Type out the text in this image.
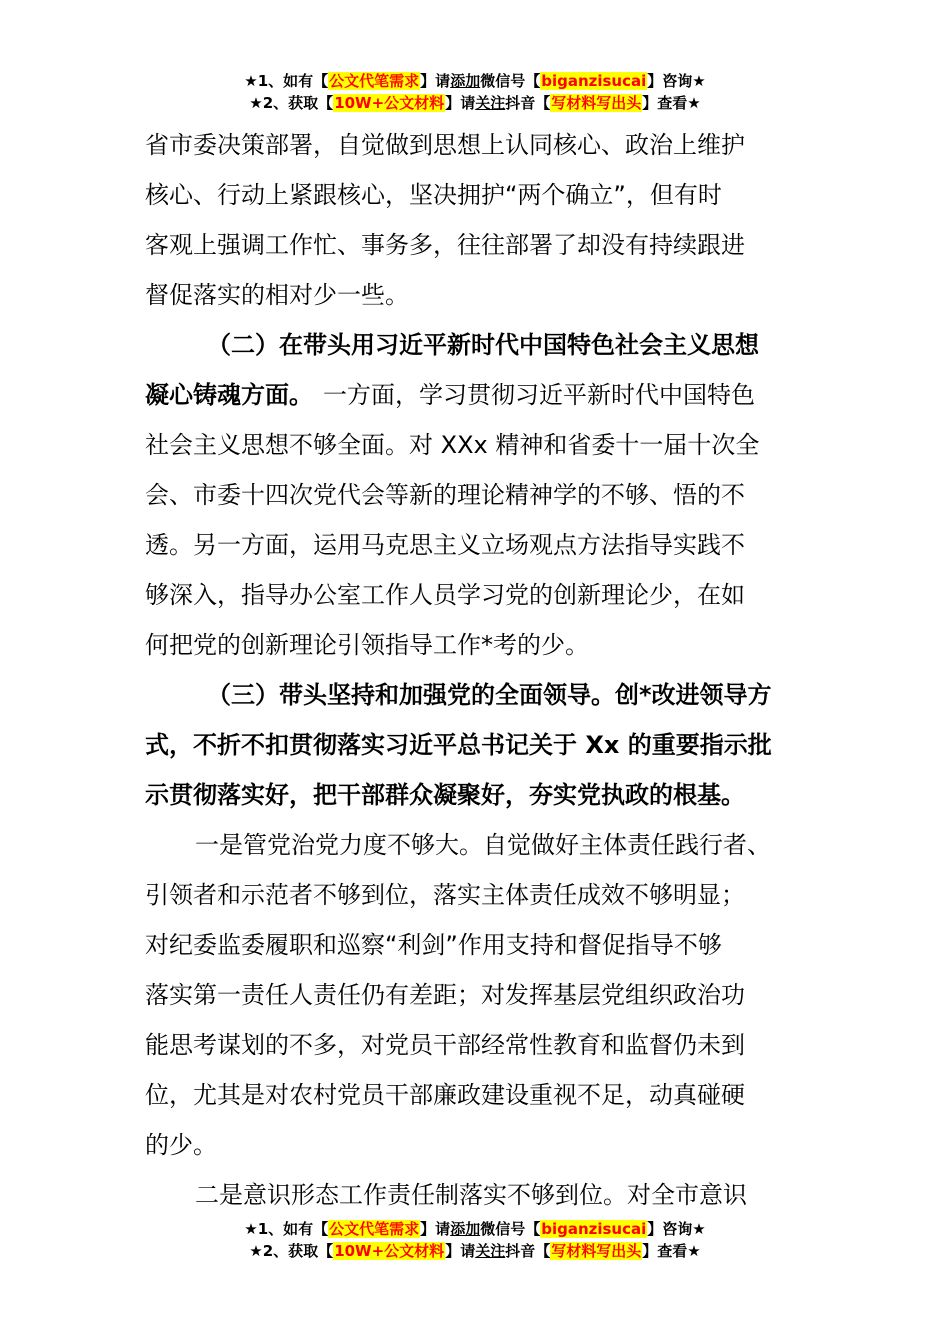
★1、如有【公文代笔需求】请添加微信号【biganzisucai】咨询★
★2、获取【10W+公文材料】请关注抖音【写材料写出头】查看★
省市委决策部署，自觉做到思想上认同核心、政治上维护
核心、行动上紧跟核心，坚决拥护“两个确立”，但有时
客观上强调工作忙、事务多，往往部署了却没有持续跟进
督促落实的相对少一些。
（二）在带头用习近平新时代中国特色社会主义思想
凝心铸魂方面。 一方面，学习贯彻习近平新时代中国特色
社会主义思想不够全面。对 XXx 精神和省委十一届十次全
会、市委十四次党代会等新的理论精神学的不够、悟的不
透。另一方面，运用马克思主义立场观点方法指导实践不
够深入，指导办公室工作人员学习党的创新理论少，在如
何把党的创新理论引领指导工作*考的少。
（三）带头坚持和加强党的全面领导。创*改进领导方
式，不折不扣贯彻落实习近平总书记关于 Xx 的重要指示批
示贯彻落实好，把干部群众凝聚好，夯实党执政的根基。
一是管党治党力度不够大。自觉做好主体责任践行者、
引领者和示范者不够到位，落实主体责任成效不够明显；
对纪委监委履职和巡察“利剑”作用支持和督促指导不够
落实第一责任人责任仍有差距；对发挥基层党组织政治功
能思考谋划的不多，对党员干部经常性教育和监督仍未到
位，尤其是对农村党员干部廉政建设重视不足，动真碰硬
的少。
二是意识形态工作责任制落实不够到位。对全市意识
★1、如有【公文代笔需求】请添加微信号【biganzisucai】咨询★
★2、获取【10W+公文材料】请关注抖音【写材料写出头】查看★
